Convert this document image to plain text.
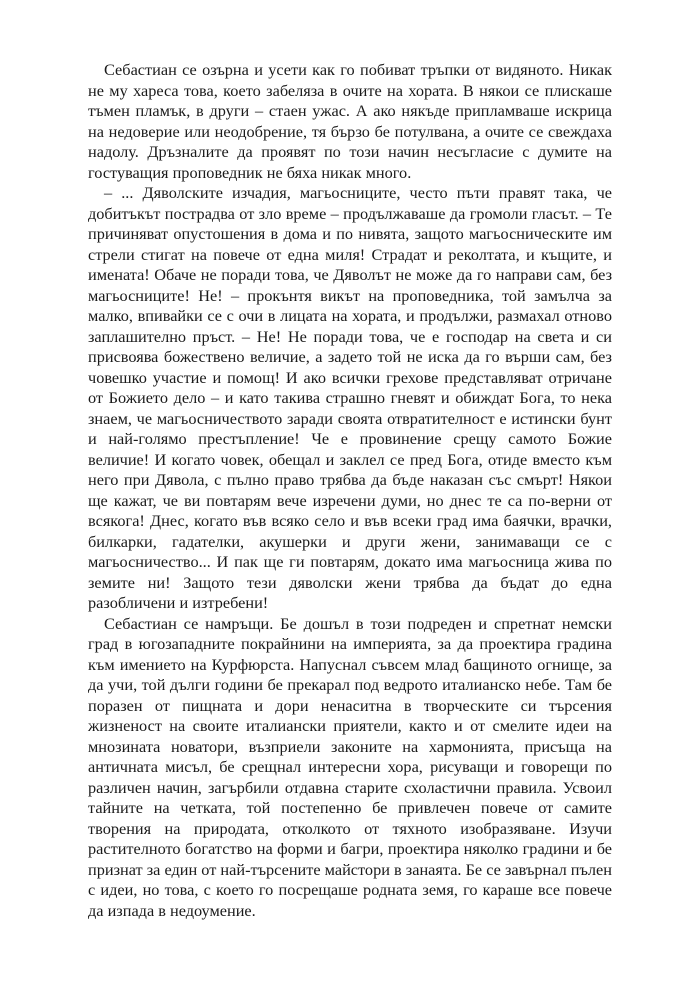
Себастиан се озърна и усети как го побиват тръпки от видяното. Никак не му хареса това, което забеляза в очите на хората. В някои се плискаше тъмен пламък, в други – стаен ужас. А ако някъде припламваше искрица на недоверие или неодобрение, тя бързо бе потулвана, а очите се свеждаха надолу. Дръзналите да проявят по този начин несъгласие с думите на гостуващия проповедник не бяха никак много.

– ... Дяволските изчадия, магьосниците, често пъти правят така, че добитъкът пострадва от зло време – продължаваше да громоли гласът. – Те причиняват опустошения в дома и по нивята, защото магьосническите им стрели стигат на повече от една миля! Страдат и реколтата, и къщите, и имената! Обаче не поради това, че Дяволът не може да го направи сам, без магьосниците! Не! – прокънтя викът на проповедника, той замълча за малко, впивайки се с очи в лицата на хората, и продължи, размахал отново заплашително пръст. – Не! Не поради това, че е господар на света и си присвоява божествено величие, а задето той не иска да го върши сам, без човешко участие и помощ! И ако всички грехове представляват отричане от Божието дело – и като такива страшно гневят и обиждат Бога, то нека знаем, че магьосничеството заради своята отвратителност е истински бунт и най-голямо престъпление! Че е провинение срещу самото Божие величие! И когато човек, обещал и заклел се пред Бога, отиде вместо към него при Дявола, с пълно право трябва да бъде наказан със смърт! Някои ще кажат, че ви повтарям вече изречени думи, но днес те са по-верни от всякога! Днес, когато във всяко село и във всеки град има баячки, врачки, билкарки, гадателки, акушерки и други жени, занимаващи се с магьосничество... И пак ще ги повтарям, докато има магьосница жива по земите ни! Защото тези дяволски жени трябва да бъдат до една разобличени и изтребени!

Себастиан се намръщи. Бе дошъл в този подреден и спретнат немски град в югозападните покрайнини на империята, за да проектира градина към имението на Курфюрста. Напуснал съвсем млад бащиното огнище, за да учи, той дълги години бе прекарал под ведрото италианско небе. Там бе поразен от пищната и дори ненаситна в творческите си търсения жизненост на своите италиански приятели, както и от смелите идеи на мнозината новатори, възприели законите на хармонията, присъща на античната мисъл, бе срещнал интересни хора, рисуващи и говорещи по различен начин, загърбили отдавна старите схоластични правила. Усвоил тайните на четката, той постепенно бе привлечен повече от самите творения на природата, отколкото от тяхното изобразяване. Изучи растителното богатство на форми и багри, проектира няколко градини и бе признат за един от най-търсените майстори в занаята. Бе се завърнал пълен с идеи, но това, с което го посрещаше родната земя, го караше все повече да изпада в недоумение.
